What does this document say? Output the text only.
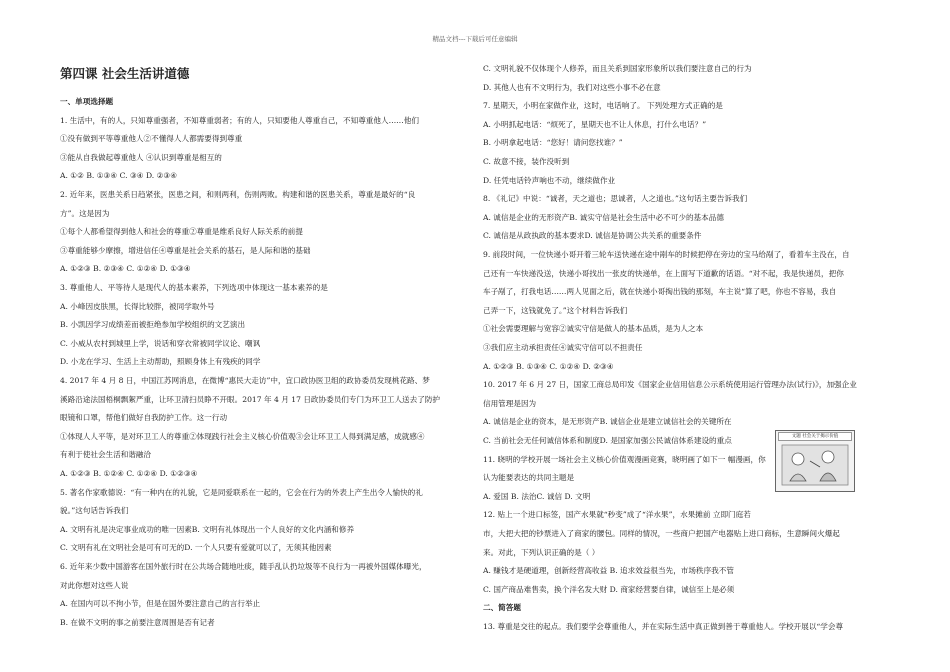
精品文档---下载后可任意编辑
第四课 社会生活讲道德
一、单项选择题
1. 生活中，有的人，只知尊重强者，不知尊重弱者；有的人，只知要他人尊重自己，不知尊重他人……他们
①没有做到平等尊重他人②不懂得人人都需要得到尊重
③能从自我做起尊重他人 ④认识到尊重是相互的
A. ①② B. ①③④ C. ③④ D. ②③④
2. 近年来，医患关系日趋紧张，医患之间，和则两利，伤则两败。构建和谐的医患关系，尊重是最好的“良
方”。这是因为
①每个人都希望得到他人和社会的尊重②尊重是维系良好人际关系的前提
③尊重能够少摩擦，增进信任④尊重是社会关系的基石，是人际和谐的基础
A. ①②③ B. ②③④ C. ①②④ D. ①③④
3. 尊重他人、平等待人是现代人的基本素养，下列选项中体现这一基本素养的是
A. 小峰因皮肤黑，长得比较胖，被同学取外号
B. 小凯因学习成绩差而被拒绝参加学校组织的文艺演出
C. 小威从农村到城里上学，说话和穿衣常被同学议论、嘲讽
D. 小龙在学习、生活上主动帮助，照顾身体上有残疾的同学
4. 2017 年 4 月 8 日，中国江苏网消息，在微博“惠民大走访”中，宜口政协医卫组的政协委员发现桃花路、梦
溪路沿途法国梧桐飘絮严重，让环卫清扫员睁不开眼。2017 年 4 月 17 日政协委员们专门为环卫工人送去了防护
眼镜和口罩，帮他们做好自我防护工作。这一行动
①体现人人平等，是对环卫工人的尊重②体现践行社会主义核心价值观③会让环卫工人得到满足感，成就感④
有利于使社会生活和谐融洽
A. ①②③ B. ①②④ C. ①②④ D. ①②③④
5. 著名作家歌德说：“有一种内在的礼貌，它是同爱联系在一起的，它会在行为的外表上产生出令人愉快的礼
貌。”这句话告诉我们
A. 文明有礼是决定事业成功的唯一因素B. 文明有礼体现出一个人良好的文化内涵和修养
C. 文明有礼在文明社会是可有可无的D. 一个人只要有爱就可以了，无须其他因素
6. 近年来少数中国游客在国外旅行时在公共场合随地吐痰，随手乱认扔垃圾等不良行为一再被外国媒体曝光，
对此你想对这些人说
A. 在国内可以不拘小节，但是在国外要注意自己的言行举止
B. 在做不文明的事之前要注意周围是否有记者
文题 社会关于揭示价值
C. 文明礼貌不仅体现个人修养，而且关系到国家形象所以我们要注意自己的行为
D. 其他人也有不文明行为，我们对这些小事不必在意
7. 星期天，小明在家做作业，这时，电话响了。 下列处理方式正确的是
A. 小明抓起电话：“烦死了，星期天也不让人休息，打什么电话？”
B. 小明拿起电话：“您好！请问您找谁？”
C. 故意不接，装作没听到
D. 任凭电话铃声响也不动，继续做作业
8. 《礼记》中说：“诚者，天之道也；思诚者，人之道也。”这句话主要告诉我们
A. 诚信是企业的无形资产B. 诚实守信是社会生活中必不可少的基本品德
C. 诚信是从政执政的基本要求D. 诚信是协调公共关系的重要条件
9. 前段时间，一位快递小哥开着三轮车送快递在途中剐车的时候把停在旁边的宝马给剐了，看着车主没在，自
己还有一车快递没送，快递小哥找出一张皮的快递单，在上面写下道歉的话语。“对不起，我是快递员，把你
车子剐了，打我电话……两人见面之后，就在快递小哥掏出钱的那刻，车主说“算了吧，你也不容易，我自
己弄一下，这钱就免了。”这个材料告诉我们
①社会需要理解与宽容②诚实守信是做人的基本品质，是为人之本
③我们应主动承担责任④诚实守信可以不担责任
A. ①②③ B. ①③④ C. ①②④ D. ②③④
10. 2017 年 6 月 27 日，国家工商总局印发《国家企业信用信息公示系统使用运行管理办法(试行)》，加强企业
信用管理是因为
A. 诚信是企业的资本，是无形资产B. 诚信企业是建立诚信社会的关键所在
C. 当前社会无任何诚信体系和制度D. 是国家加强公民诚信体系建设的重点
11. 晓明的学校开展一场社会主义核心价值观漫画竞赛，晓明画了如下一 幅漫画，你
认为能要表达的共同主题是
A. 爱国 B. 法治C. 诚信 D. 文明
12. 贴上一个进口标签，国产水果就“秒变”成了“洋水果”，水果摊前 立即门庭若
市，大把大把的钞票进入了商家的腰包。同样的情况，一些商户把国产电器贴上进口商标，生意瞬间火爆起
来。对此，下列认识正确的是（ ）
A. 赚钱才是硬道理，创新经营高收益 B. 追求效益很当先，市场秩序我不管
C. 国产商品难售卖，换个洋名发大财 D. 商家经营要自律，诚信至上是必须
二、简答题
13. 尊重是交往的起点。我们要学会尊重他人，并在实际生活中真正做到善于尊重他人。学校开展以“学会尊
